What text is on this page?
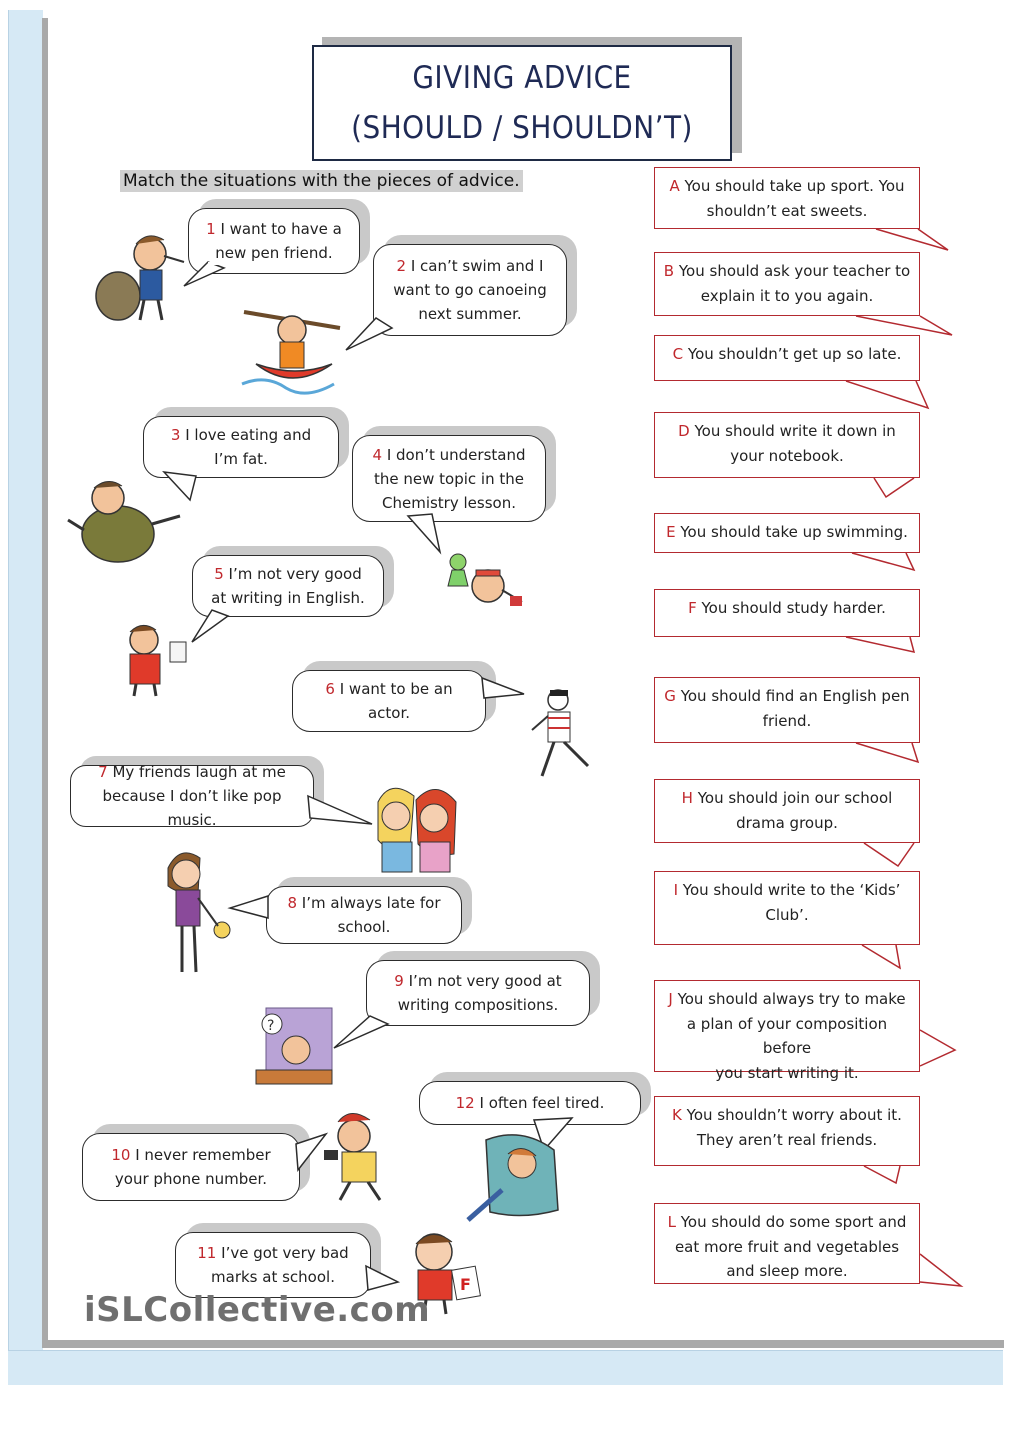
GIVING ADVICE
(SHOULD / SHOULDN’T)
Match the situations with the pieces of advice.
1 I want to have a
new pen friend.
2 I can’t swim and I
want to go canoeing
next summer.
3 I love eating and
I’m fat.	4 I don’t understand
the new topic in the
Chemistry lesson.
5 I’m not very good
at writing in English.
6 I want to be an
actor.
7 My friends laugh at me
because I don’t like pop music.
8 I’m always late for
school.
9 I’m not very good at
writing compositions.
10 I never remember
your phone number.
11 I’ve got very bad
marks at school.
12 I often feel tired.
A You should take up sport. You
shouldn’t eat sweets.
B You should ask your teacher to
explain it to you again.
C You shouldn’t get up so late.
D You should write it down in
your notebook.
E You should take up swimming.
F You should study harder.
G You should find an English pen
friend.
H You should join our school
drama group.
I You should write to the ‘Kids’
Club’.
J You should always try to make
a plan of your composition before
you start writing it.
K You shouldn’t worry about it.
They aren’t real friends.
L You should do some sport and
eat more fruit and vegetables
and sleep more.
?
F
iSLCollective.com
